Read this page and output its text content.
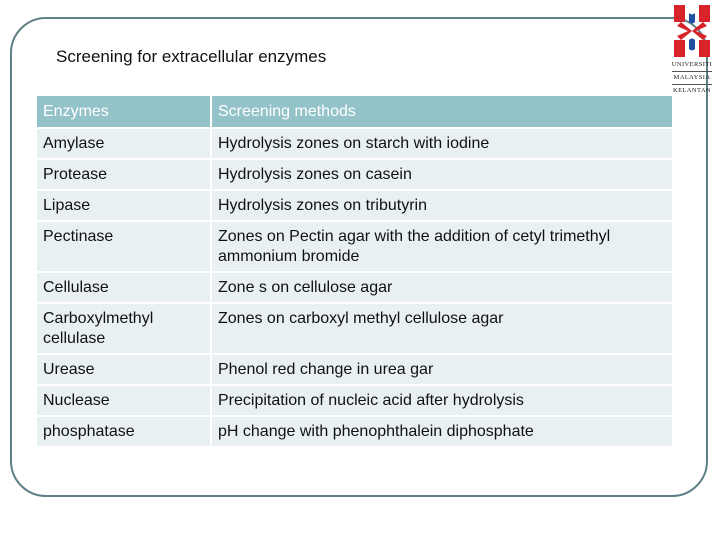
Screening for extracellular enzymes	UNIVERSITI
MALAYSIA
KELANTAN
Enzymes	Screening methods
Amylase	Hydrolysis zones on starch with iodine
Protease	Hydrolysis zones on casein
Lipase	Hydrolysis zones on tributyrin
Pectinase	Zones on Pectin agar with the addition of cetyl trimethyl ammonium bromide
Cellulase	Zone s on cellulose agar
Carboxylmethyl cellulase	Zones on carboxyl methyl cellulose agar
Urease	Phenol red change in urea gar
Nuclease	Precipitation of nucleic acid after hydrolysis
phosphatase	pH change with phenophthalein diphosphate
